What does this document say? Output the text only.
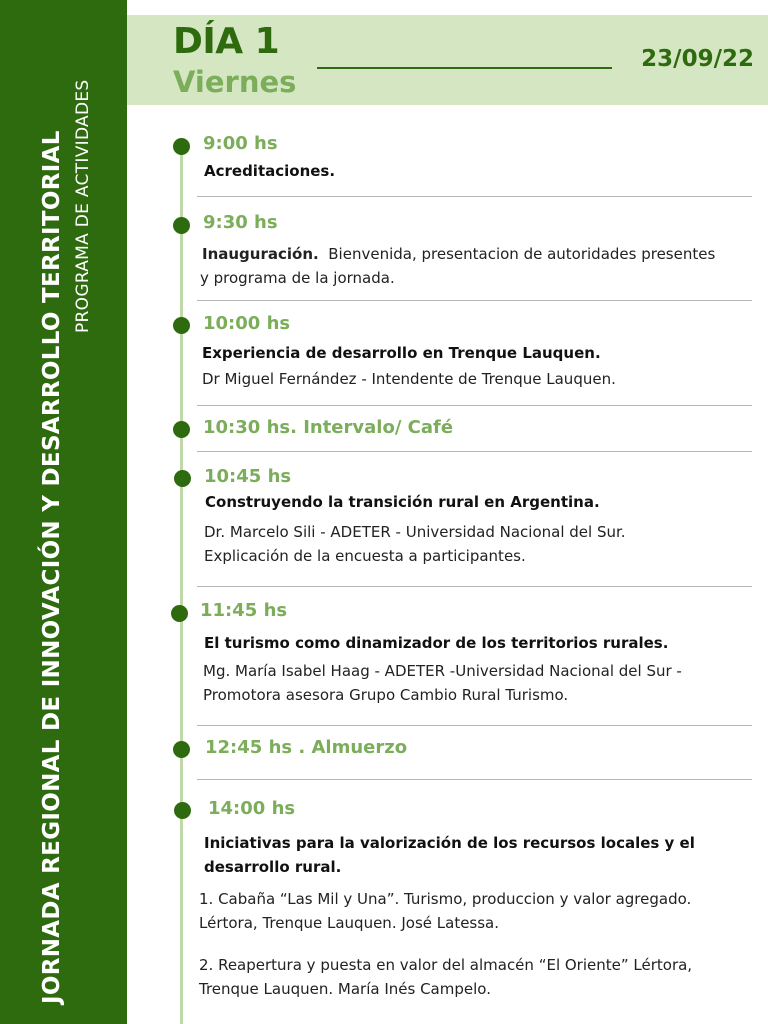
JORNADA REGIONAL DE INNOVACIÓN Y DESARROLLO TERRITORIAL PROGRAMA DE ACTIVIDADES
DÍA 1
Viernes
23/09/22
9:00 hs
Acreditaciones.
9:30 hs
Inauguración. Bienvenida, presentacion de autoridades presentes
y programa de la jornada.
10:00 hs
Experiencia de desarrollo en Trenque Lauquen.
Dr Miguel Fernández - Intendente de Trenque Lauquen.
10:30 hs. Intervalo/ Café
10:45 hs
Construyendo la transición rural en Argentina.
Dr. Marcelo Sili - ADETER - Universidad Nacional del Sur.
Explicación de la encuesta a participantes.
11:45 hs
El turismo como dinamizador de los territorios rurales.
Mg. María Isabel Haag - ADETER -Universidad Nacional del Sur -
Promotora asesora Grupo Cambio Rural Turismo.
12:45 hs . Almuerzo
14:00 hs
Iniciativas para la valorización de los recursos locales y el
desarrollo rural.
1. Cabaña “Las Mil y Una”. Turismo, produccion y valor agregado.
Lértora, Trenque Lauquen. José Latessa.
2. Reapertura y puesta en valor del almacén “El Oriente” Lértora,
Trenque Lauquen. María Inés Campelo.
